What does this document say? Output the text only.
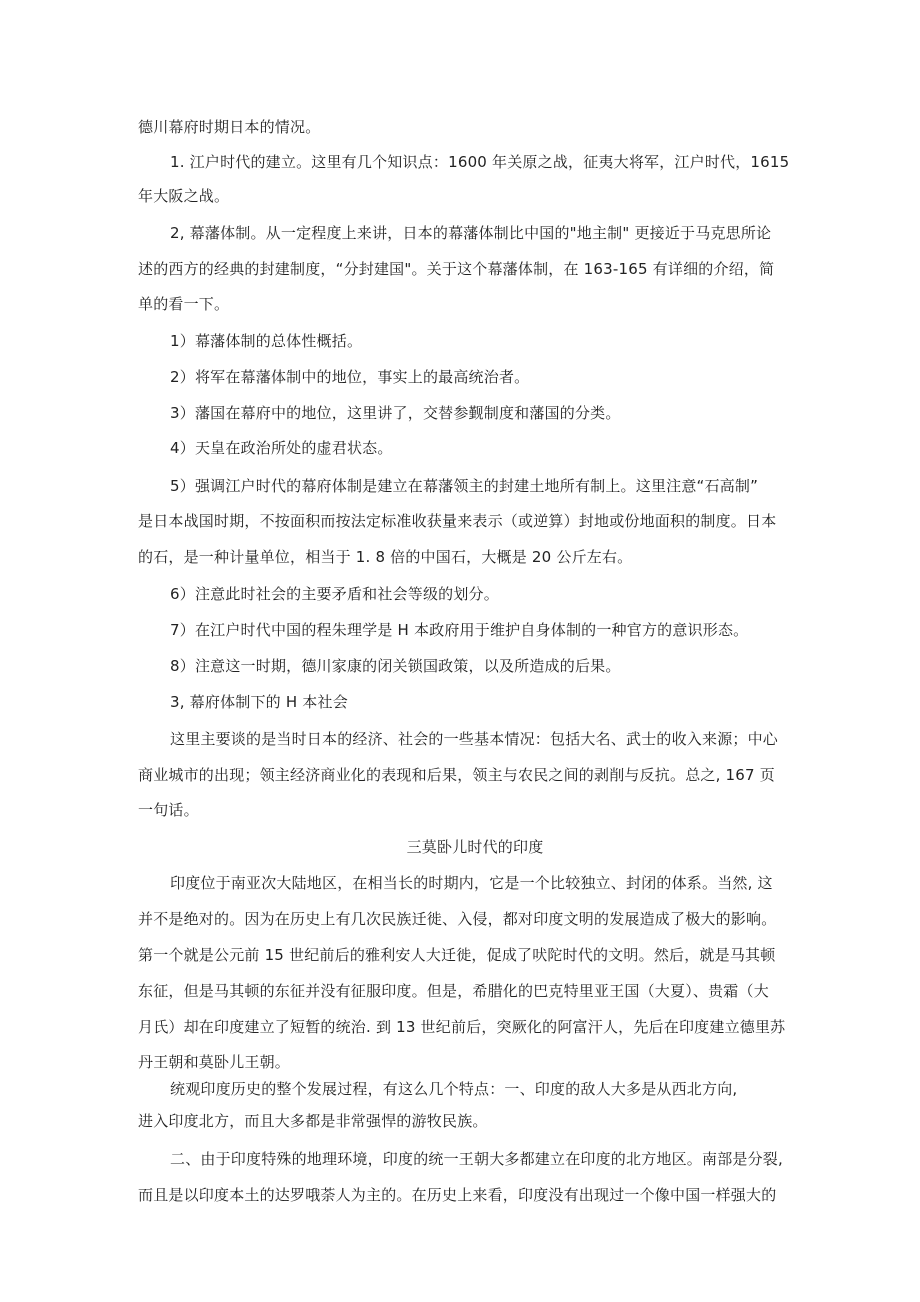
德川幕府时期日本的情况。
1. 江户时代的建立。这里有几个知识点：1600 年关原之战，征夷大将军，江户时代，1615
年大阪之战。
2, 幕藩体制。从一定程度上来讲，日本的幕藩体制比中国的"地主制" 更接近于马克思所论
述的西方的经典的封建制度，“分封建国"。关于这个幕藩体制，在 163-165 有详细的介绍，简
单的看一下。
1）幕藩体制的总体性概括。
2）将军在幕藩体制中的地位，事实上的最高统治者。
3）藩国在幕府中的地位，这里讲了，交替参觐制度和藩国的分类。
4）天皇在政治所处的虚君状态。
5）强调江户时代的幕府体制是建立在幕藩领主的封建土地所有制上。这里注意“石高制”
是日本战国时期，不按面积而按法定标准收获量来表示（或逆算）封地或份地面积的制度。日本
的石，是一种计量单位，相当于 1. 8 倍的中国石，大概是 20 公斤左右。
6）注意此时社会的主要矛盾和社会等级的划分。
7）在江户时代中国的程朱理学是 H 本政府用于维护自身体制的一种官方的意识形态。
8）注意这一时期，德川家康的闭关锁国政策，以及所造成的后果。
3, 幕府体制下的 H 本社会
这里主要谈的是当时日本的经济、社会的一些基本情况：包括大名、武士的收入来源；中心
商业城市的出现；领主经济商业化的表现和后果，领主与农民之间的剥削与反抗。总之, 167 页
一句话。
三莫卧儿时代的印度
印度位于南亚次大陆地区，在相当长的时期内，它是一个比较独立、封闭的体系。当然, 这
并不是绝对的。因为在历史上有几次民族迁徙、入侵，都对印度文明的发展造成了极大的影响。
第一个就是公元前 15 世纪前后的雅利安人大迁徙，促成了吠陀时代的文明。然后，就是马其顿
东征，但是马其顿的东征并没有征服印度。但是，希腊化的巴克特里亚王国（大夏）、贵霜（大
月氏）却在印度建立了短暂的统治. 到 13 世纪前后，突厥化的阿富汗人，先后在印度建立德里苏
丹王朝和莫卧儿王朝。
统观印度历史的整个发展过程，有这么几个特点：一、印度的敌人大多是从西北方向,
进入印度北方，而且大多都是非常强悍的游牧民族。
二、由于印度特殊的地理环境，印度的统一王朝大多都建立在印度的北方地区。南部是分裂,
而且是以印度本土的达罗哦荼人为主的。在历史上来看，印度没有出现过一个像中国一样强大的
